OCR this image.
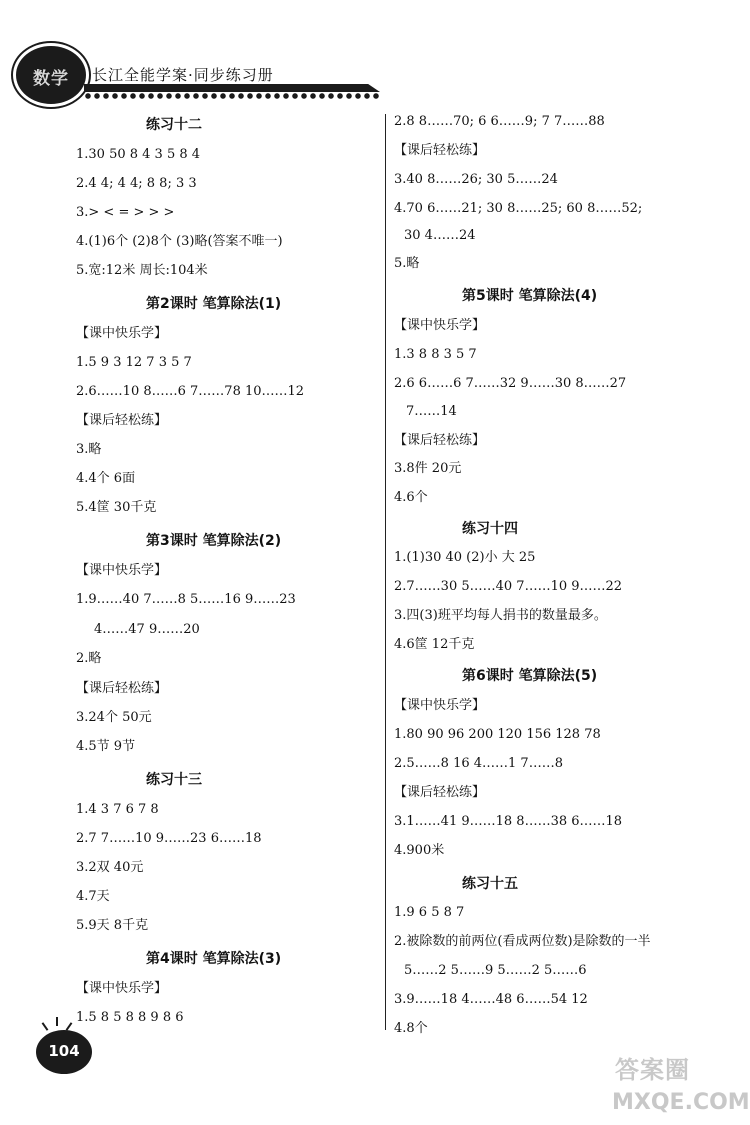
数学	长江全能学案·同步练习册
练习十二
1.30 50 8 4 3 5 8 4
2.4 4; 4 4; 8 8; 3 3
3.> < = > > >
4.(1)6个 (2)8个 (3)略(答案不唯一)
5.宽:12米 周长:104米
第2课时 笔算除法(1)
【课中快乐学】
1.5 9 3 12 7 3 5 7
2.6……10 8……6 7……78 10……12
【课后轻松练】
3.略
4.4个 6面
5.4筐 30千克
第3课时 笔算除法(2)
【课中快乐学】
1.9……40 7……8 5……16 9……23
4……47 9……20
2.略
【课后轻松练】
3.24个 50元
4.5节 9节
练习十三
1.4 3 7 6 7 8
2.7 7……10 9……23 6……18
3.2双 40元
4.7天
5.9天 8千克
第4课时 笔算除法(3)
【课中快乐学】
1.5 8 5 8 8 9 8 6
2.8 8……70; 6 6……9; 7 7……88
【课后轻松练】
3.40 8……26; 30 5……24
4.70 6……21; 30 8……25; 60 8……52;
30 4……24
5.略
第5课时 笔算除法(4)
【课中快乐学】
1.3 8 8 3 5 7
2.6 6……6 7……32 9……30 8……27
7……14
【课后轻松练】
3.8件 20元
4.6个
练习十四
1.(1)30 40 (2)小 大 25
2.7……30 5……40 7……10 9……22
3.四(3)班平均每人捐书的数量最多。
4.6筐 12千克
第6课时 笔算除法(5)
【课中快乐学】
1.80 90 96 200 120 156 128 78
2.5……8 16 4……1 7……8
【课后轻松练】
3.1……41 9……18 8……38 6……18
4.900米
练习十五
1.9 6 5 8 7
2.被除数的前两位(看成两位数)是除数的一半
5……2 5……9 5……2 5……6
3.9……18 4……48 6……54 12
4.8个
104
答案圈
MXQE.COM
